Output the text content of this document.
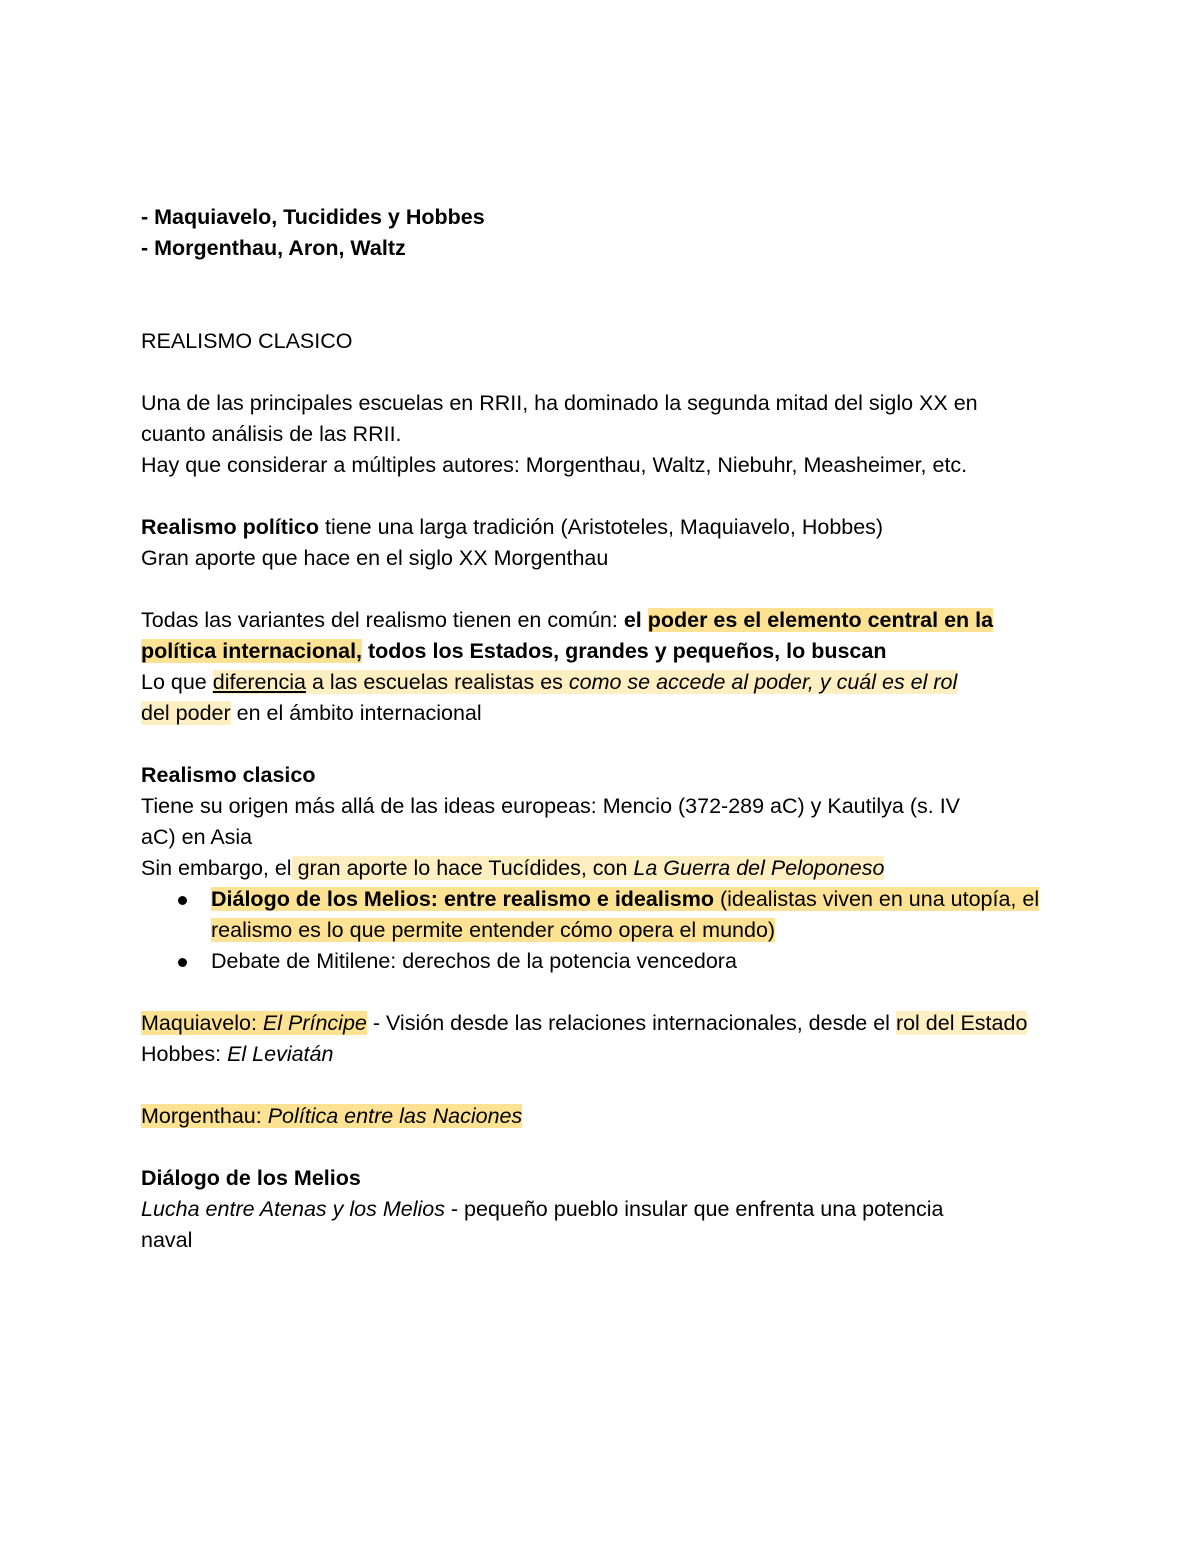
- Maquiavelo, Tucidides y Hobbes

- Morgenthau, Aron, Waltz

REALISMO CLASICO

Una de las principales escuelas en RRII, ha dominado la segunda mitad del siglo XX en

cuanto análisis de las RRII.

Hay que considerar a múltiples autores: Morgenthau, Waltz, Niebuhr, Measheimer, etc.

Realismo político tiene una larga tradición (Aristoteles, Maquiavelo, Hobbes)

Gran aporte que hace en el siglo XX Morgenthau

Todas las variantes del realismo tienen en común: el poder es el elemento central en la política internacional, todos los Estados, grandes y pequeños, lo buscan

Lo que diferencia a las escuelas realistas es como se accede al poder, y cuál es el rol
del poder en el ámbito internacional

Realismo clasico

Tiene su origen más allá de las ideas europeas: Mencio (372-289 aC) y Kautilya (s. IV

aC) en Asia

Sin embargo, el gran aporte lo hace Tucídides, con La Guerra del Peloponeso

Diálogo de los Melios: entre realismo e idealismo (idealistas viven en una utopía, el realismo es lo que permite entender cómo opera el mundo)
Debate de Mitilene: derechos de la potencia vencedora

Maquiavelo: El Príncipe - Visión desde las relaciones internacionales, desde el rol del Estado

Hobbes: El Leviatán

Morgenthau: Política entre las Naciones

Diálogo de los Melios

Lucha entre Atenas y los Melios - pequeño pueblo insular que enfrenta una potencia

naval
